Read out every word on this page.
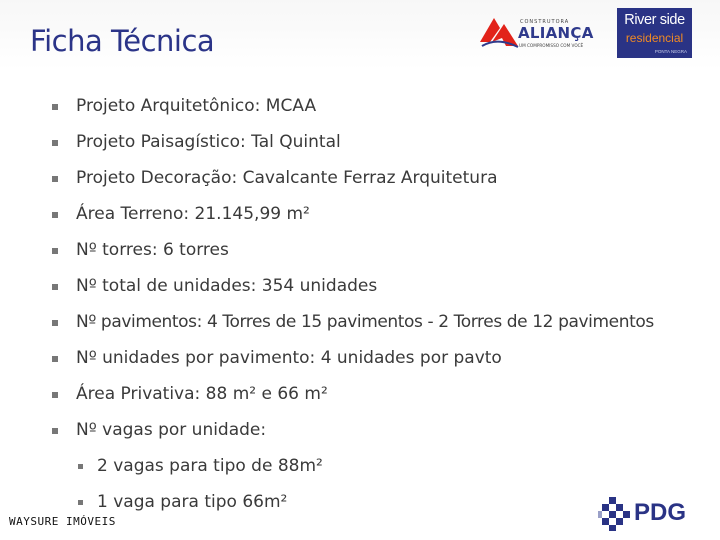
Ficha Técnica
CONSTRUTORA
ALIANÇA
UM COMPROMISSO COM VOCÊ
River side
residencial
PONTA NEGRA
Projeto Arquitetônico: MCAA
Projeto Paisagístico: Tal Quintal
Projeto Decoração: Cavalcante Ferraz Arquitetura
Área Terreno: 21.145,99 m²
Nº torres: 6 torres
Nº total de unidades: 354 unidades
Nº pavimentos: 4 Torres de 15 pavimentos - 2 Torres de 12 pavimentos
Nº unidades por pavimento: 4 unidades por pavto
Área Privativa: 88 m² e 66 m²
Nº vagas por unidade:
2 vagas para tipo de 88m²
1 vaga para tipo 66m²
WAYSURE IMÓVEIS	PDG
